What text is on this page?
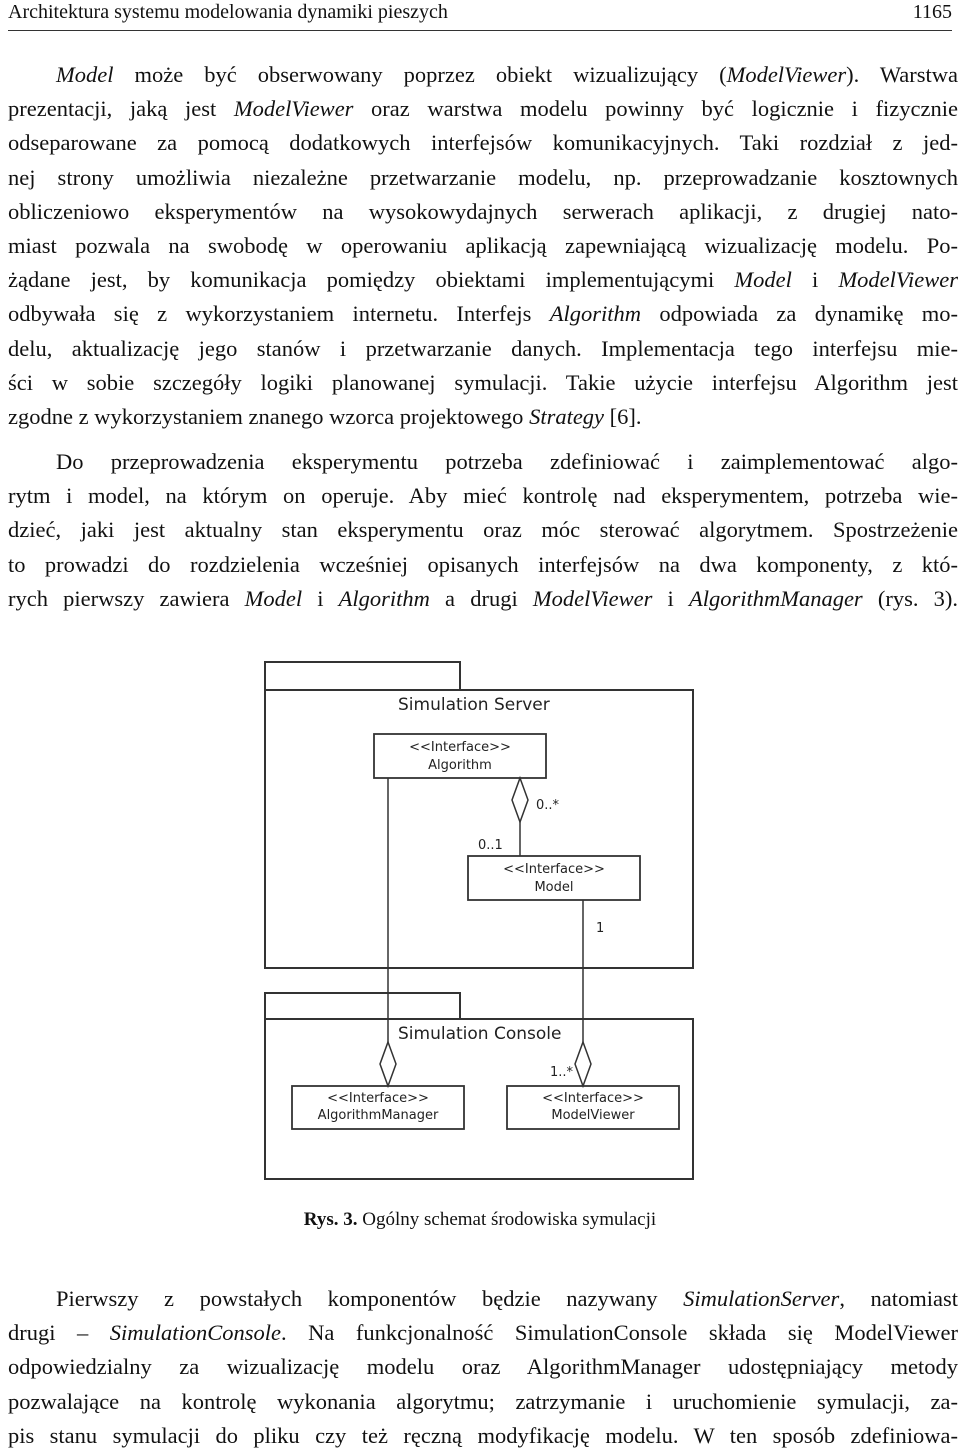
Architektura systemu modelowania dynamiki pieszych	1165
Model może być obserwowany poprzez obiekt wizualizujący (ModelViewer). Warstwa
prezentacji, jaką jest ModelViewer oraz warstwa modelu powinny być logicznie i fizycznie
odseparowane za pomocą dodatkowych interfejsów komunikacyjnych. Taki rozdział z jed-
nej strony umożliwia niezależne przetwarzanie modelu, np. przeprowadzanie kosztownych
obliczeniowo eksperymentów na wysokowydajnych serwerach aplikacji, z drugiej nato-
miast pozwala na swobodę w operowaniu aplikacją zapewniającą wizualizację modelu. Po-
żądane jest, by komunikacja pomiędzy obiektami implementującymi Model i ModelViewer
odbywała się z wykorzystaniem internetu. Interfejs Algorithm odpowiada za dynamikę mo-
delu, aktualizację jego stanów i przetwarzanie danych. Implementacja tego interfejsu mie-
ści w sobie szczegóły logiki planowanej symulacji. Takie użycie interfejsu Algorithm jest
zgodne z wykorzystaniem znanego wzorca projektowego Strategy [6].
Do przeprowadzenia eksperymentu potrzeba zdefiniować i zaimplementować algo-
rytm i model, na którym on operuje. Aby mieć kontrolę nad eksperymentem, potrzeba wie-
dzieć, jaki jest aktualny stan eksperymentu oraz móc sterować algorytmem. Spostrzeżenie
to prowadzi do rozdzielenia wcześniej opisanych interfejsów na dwa komponenty, z któ-
rych pierwszy zawiera Model i Algorithm a drugi ModelViewer i AlgorithmManager (rys. 3).
Simulation Server
Simulation Console
<<Interface>>
Algorithm
<<Interface>>
Model
<<Interface>>
AlgorithmManager
<<Interface>>
ModelViewer
0..*
0..1
1
1..*
Rys. 3. Ogólny schemat środowiska symulacji
Pierwszy z powstałych komponentów będzie nazywany SimulationServer, natomiast
drugi – SimulationConsole. Na funkcjonalność SimulationConsole składa się ModelViewer
odpowiedzialny za wizualizację modelu oraz AlgorithmManager udostępniający metody
pozwalające na kontrolę wykonania algorytmu; zatrzymanie i uruchomienie symulacji, za-
pis stanu symulacji do pliku czy też ręczną modyfikację modelu. W ten sposób zdefiniowa-
